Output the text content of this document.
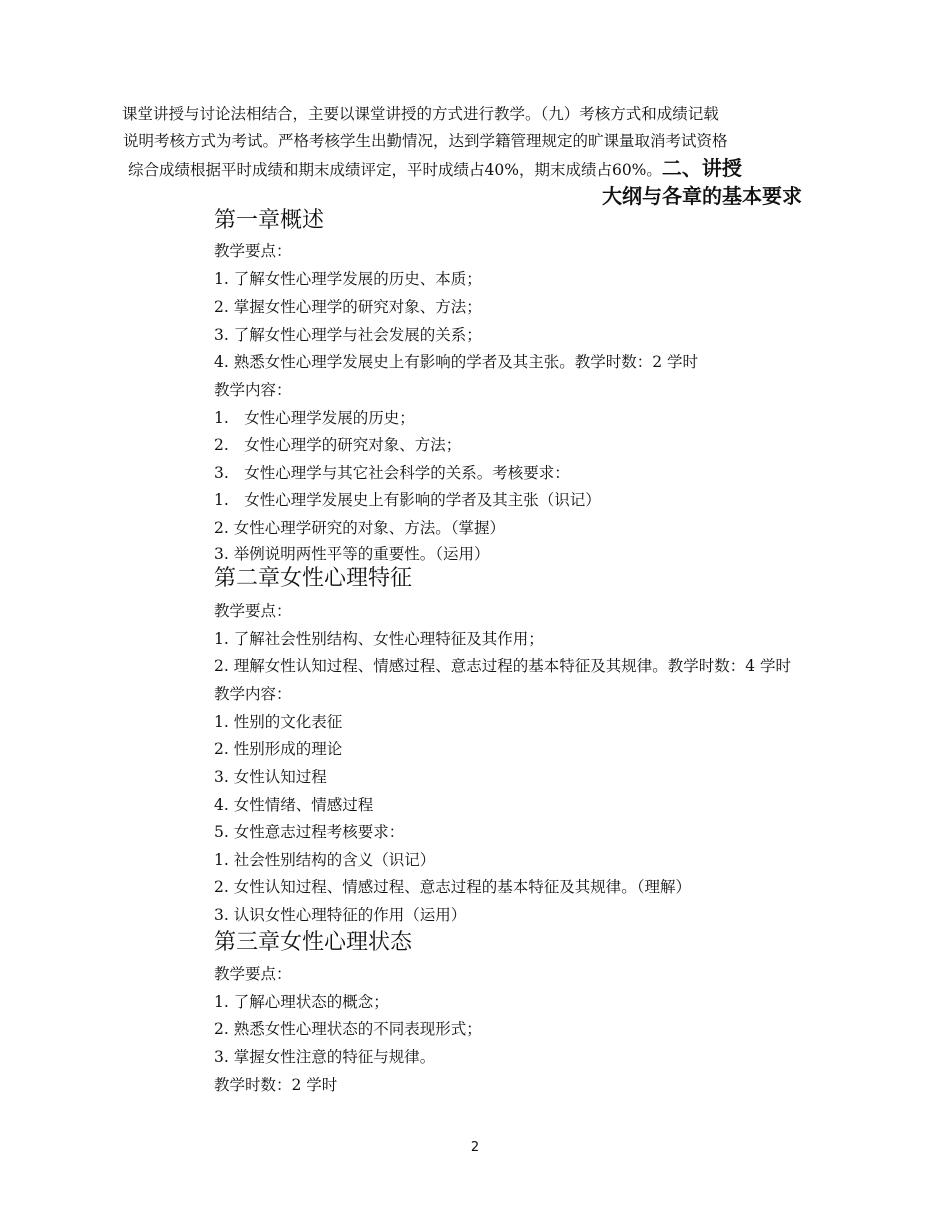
课堂讲授与讨论法相结合，主要以课堂讲授的方式进行教学。（九）考核方式和成绩记载
说明考核方式为考试。严格考核学生出勤情况，达到学籍管理规定的旷课量取消考试资格
综合成绩根据平时成绩和期末成绩评定，平时成绩占40%，期末成绩占60%。二、讲授
大纲与各章的基本要求
第一章概述
教学要点：
1. 了解女性心理学发展的历史、本质；
2. 掌握女性心理学的研究对象、方法；
3. 了解女性心理学与社会发展的关系；
4. 熟悉女性心理学发展史上有影响的学者及其主张。教学时数：2 学时
教学内容：
1.　女性心理学发展的历史；
2.　女性心理学的研究对象、方法；
3.　女性心理学与其它社会科学的关系。考核要求：
1.　女性心理学发展史上有影响的学者及其主张（识记）
2. 女性心理学研究的对象、方法。（掌握）
3. 举例说明两性平等的重要性。（运用）
第二章女性心理特征
教学要点：
1. 了解社会性别结构、女性心理特征及其作用；
2. 理解女性认知过程、情感过程、意志过程的基本特征及其规律。教学时数：4 学时
教学内容：
1. 性别的文化表征
2. 性别形成的理论
3. 女性认知过程
4. 女性情绪、情感过程
5. 女性意志过程考核要求：
1. 社会性别结构的含义（识记）
2. 女性认知过程、情感过程、意志过程的基本特征及其规律。（理解）
3. 认识女性心理特征的作用（运用）
第三章女性心理状态
教学要点：
1. 了解心理状态的概念；
2. 熟悉女性心理状态的不同表现形式；
3. 掌握女性注意的特征与规律。
教学时数：2 学时
2
